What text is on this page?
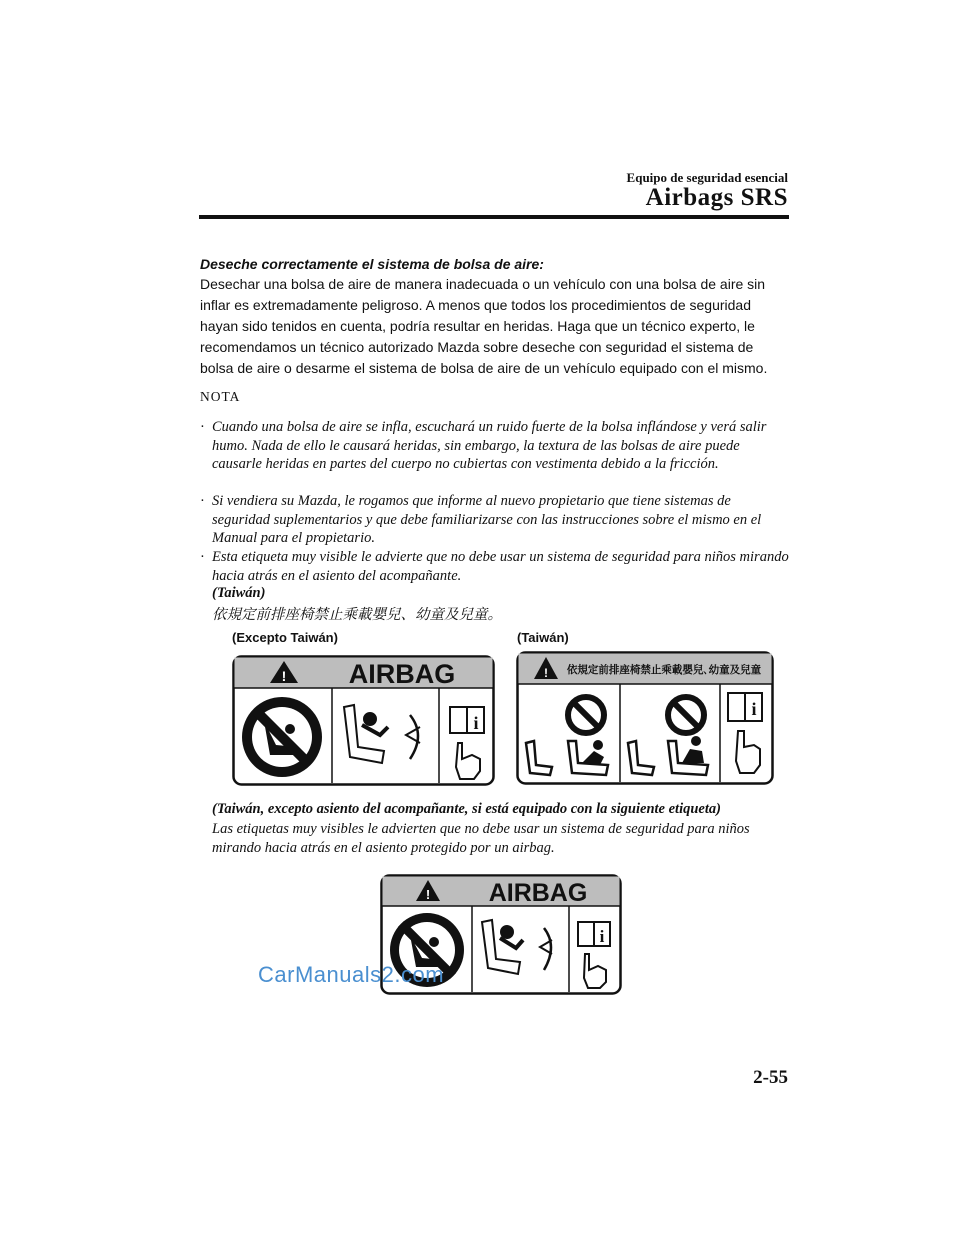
Equipo de seguridad esencial
Airbags SRS
Deseche correctamente el sistema de bolsa de aire:
Desechar una bolsa de aire de manera inadecuada o un vehículo con una bolsa de aire sin inflar es extremadamente peligroso. A menos que todos los procedimientos de seguridad hayan sido tenidos en cuenta, podría resultar en heridas. Haga que un técnico experto, le recomendamos un técnico autorizado Mazda sobre deseche con seguridad el sistema de bolsa de aire o desarme el sistema de bolsa de aire de un vehículo equipado con el mismo.
NOTA
· Cuando una bolsa de aire se infla, escuchará un ruido fuerte de la bolsa inflándose y verá salir humo. Nada de ello le causará heridas, sin embargo, la textura de las bolsas de aire puede causarle heridas en partes del cuerpo no cubiertas con vestimenta debido a la fricción.
· Si vendiera su Mazda, le rogamos que informe al nuevo propietario que tiene sistemas de seguridad suplementarios y que debe familiarizarse con las instrucciones sobre el mismo en el Manual para el propietario.
· Esta etiqueta muy visible le advierte que no debe usar un sistema de seguridad para niños mirando hacia atrás en el asiento del acompañante.
(Taiwán)
依規定前排座椅禁止乘載嬰兒、幼童及兒童。
(Excepto Taiwán)	(Taiwán)
! AIRBAG
i
! 依規定前排座椅禁止乘載嬰兒､幼童及兒童
i
(Taiwán, excepto asiento del acompañante, si está equipado con la siguiente etiqueta)
Las etiquetas muy visibles le advierten que no debe usar un sistema de seguridad para niños mirando hacia atrás en el asiento protegido por un airbag.
! AIRBAG
i
CarManuals2.com
2-55
